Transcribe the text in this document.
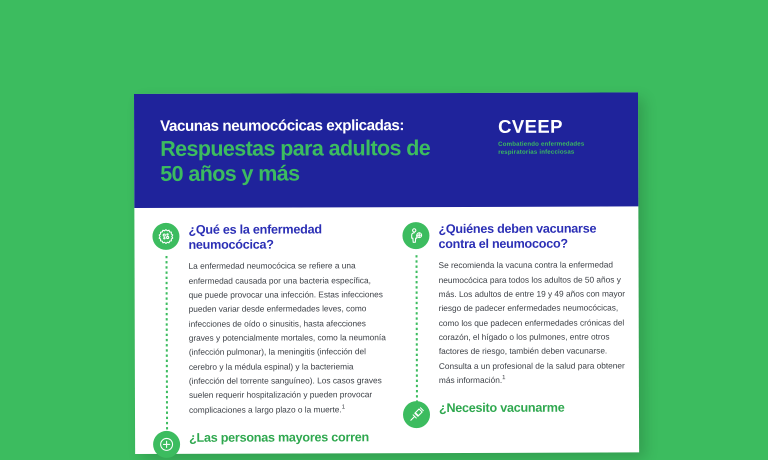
Vacunas neumocócicas explicadas:
Respuestas para adultos de
50 años y más
CVEEP
Combatiendo enfermedades
respiratorias infecciosas
¿Qué es la enfermedad neumocócica?
La enfermedad neumocócica se refiere a una enfermedad causada por una bacteria específica, que puede provocar una infección. Estas infecciones pueden variar desde enfermedades leves, como infecciones de oído o sinusitis, hasta afecciones graves y potencialmente mortales, como la neumonía (infección pulmonar), la meningitis (infección del cerebro y la médula espinal) y la bacteriemia (infección del torrente sanguíneo). Los casos graves suelen requerir hospitalización y pueden provocar complicaciones a largo plazo o la muerte.$^1$
¿Las personas mayores corren
¿Quiénes deben vacunarse contra el neumococo?
Se recomienda la vacuna contra la enfermedad neumocócica para todos los adultos de 50 años y más. Los adultos de entre 19 y 49 años con mayor riesgo de padecer enfermedades neumocócicas, como los que padecen enfermedades crónicas del corazón, el hígado o los pulmones, entre otros factores de riesgo, también deben vacunarse. Consulta a un profesional de la salud para obtener más información.$^1$
¿Necesito vacunarme
